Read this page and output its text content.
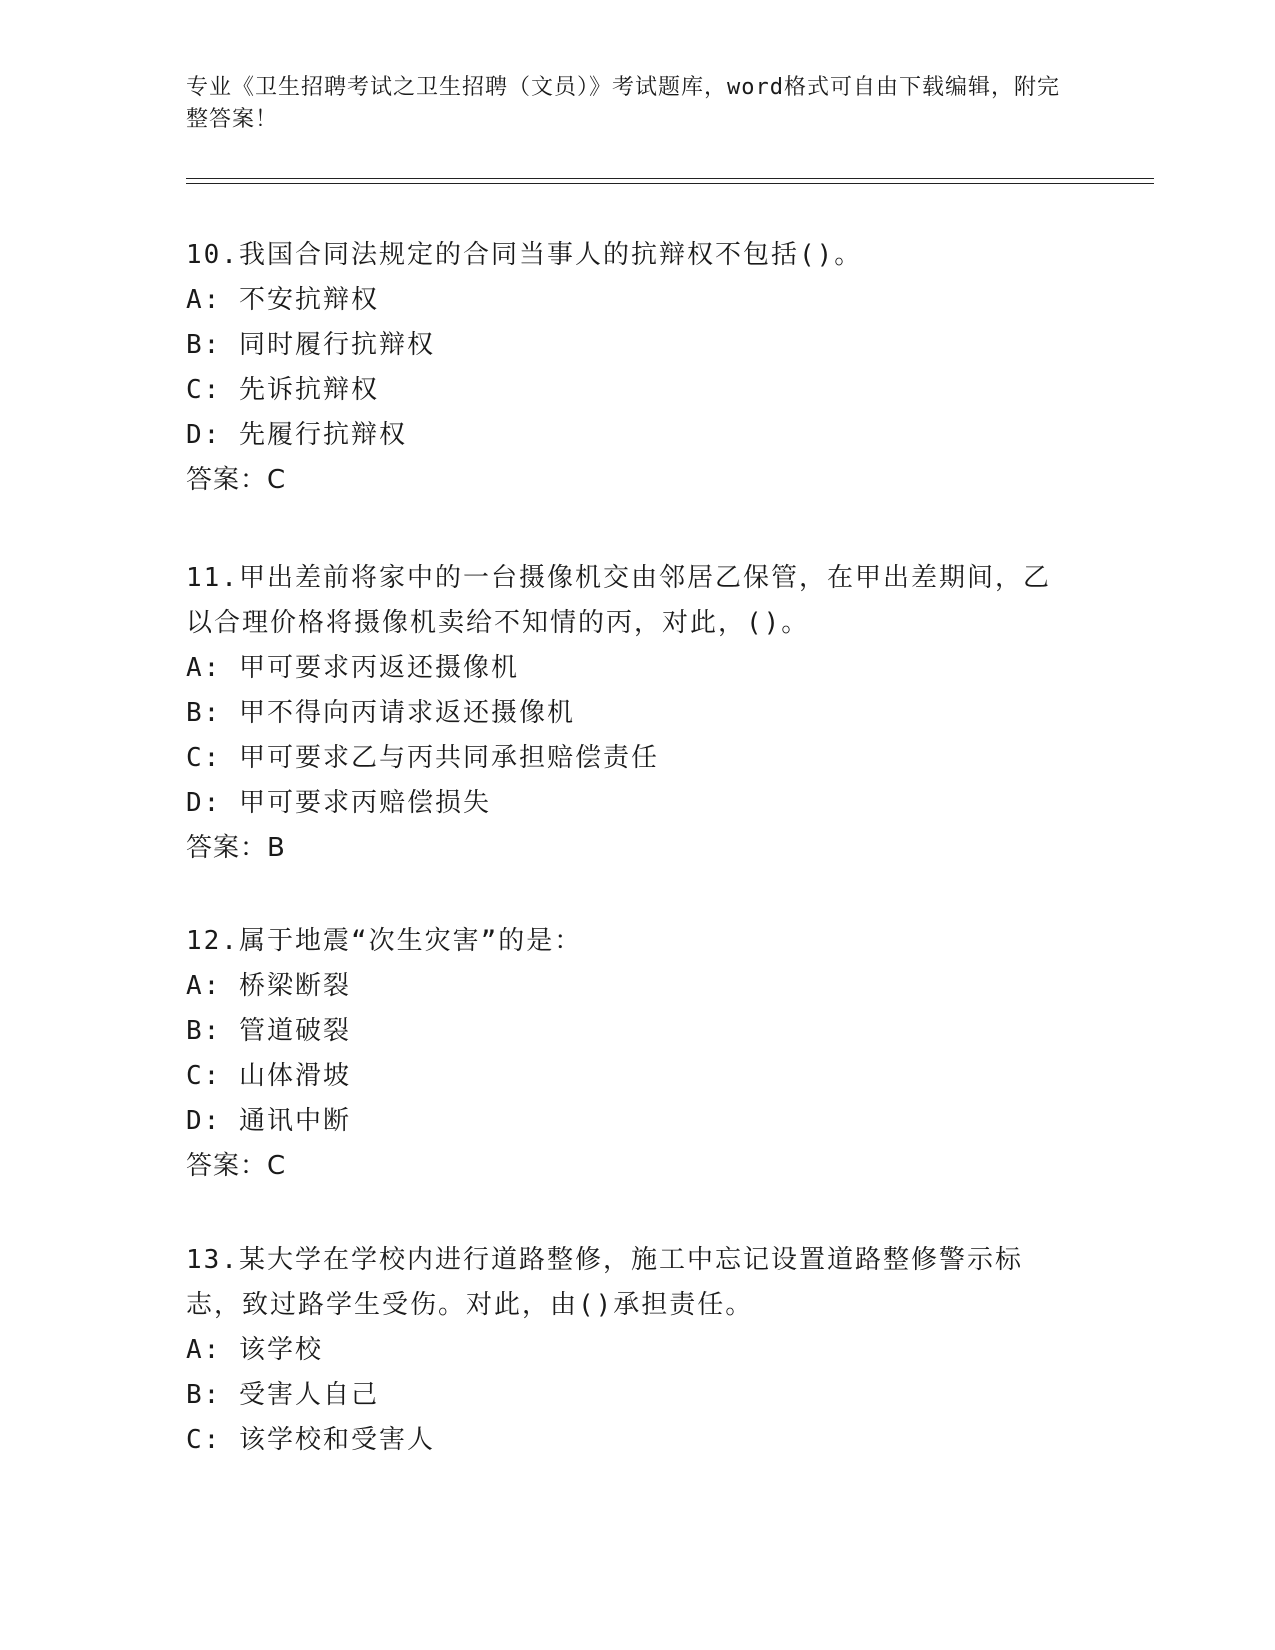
专业《卫生招聘考试之卫生招聘（文员）》考试题库，word格式可自由下载编辑，附完整答案！
10.我国合同法规定的合同当事人的抗辩权不包括()。
A: 不安抗辩权
B: 同时履行抗辩权
C: 先诉抗辩权
D: 先履行抗辩权
答案：C
11.甲出差前将家中的一台摄像机交由邻居乙保管，在甲出差期间，乙以合理价格将摄像机卖给不知情的丙，对此，()。
A: 甲可要求丙返还摄像机
B: 甲不得向丙请求返还摄像机
C: 甲可要求乙与丙共同承担赔偿责任
D: 甲可要求丙赔偿损失
答案：B
12.属于地震“次生灾害”的是：
A: 桥梁断裂
B: 管道破裂
C: 山体滑坡
D: 通讯中断
答案：C
13.某大学在学校内进行道路整修，施工中忘记设置道路整修警示标志，致过路学生受伤。对此，由()承担责任。
A: 该学校
B: 受害人自己
C: 该学校和受害人
